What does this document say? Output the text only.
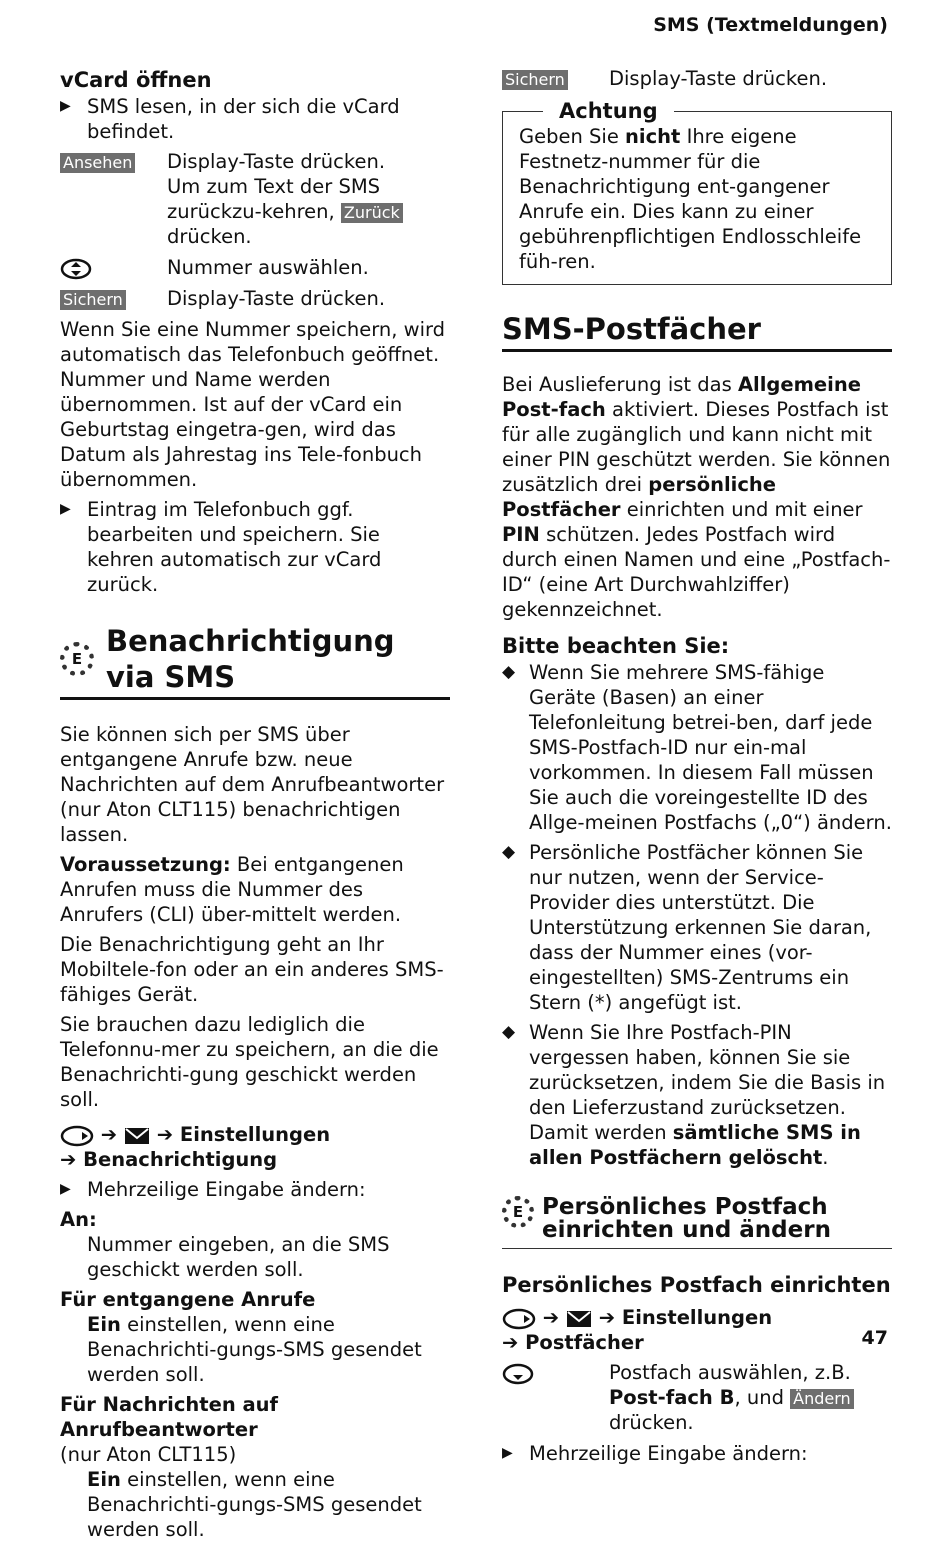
SMS (Textmeldungen)
vCard öffnen
▶ SMS lesen, in der sich die vCard befindet.
Ansehen	Display-Taste drücken.
Um zum Text der SMS zurückzu-kehren, Zurück drücken.
Nummer auswählen.
Sichern	Display-Taste drücken.

Wenn Sie eine Nummer speichern, wird automatisch das Telefonbuch geöffnet. Nummer und Name werden übernommen. Ist auf der vCard ein Geburtstag eingetra-gen, wird das Datum als Jahrestag ins Tele-fonbuch übernommen.

▶ Eintrag im Telefonbuch ggf. bearbeiten und speichern. Sie kehren automatisch zur vCard zurück.
E
Benachrichtigung via SMS

Sie können sich per SMS über entgangene Anrufe bzw. neue Nachrichten auf dem Anrufbeantworter (nur Aton CLT115) benachrichtigen lassen.

Voraussetzung: Bei entgangenen Anrufen muss die Nummer des Anrufers (CLI) über-mittelt werden.

Die Benachrichtigung geht an Ihr Mobiltele-fon oder an ein anderes SMS-fähiges Gerät.

Sie brauchen dazu lediglich die Telefonnu-mer zu speichern, an die die Benachrichti-gung geschickt werden soll.

➔  ➔ Einstellungen
➔ Benachrichtigung
▶ Mehrzeilige Eingabe ändern:
An:
Nummer eingeben, an die SMS geschickt werden soll.
Für entgangene Anrufe
Ein einstellen, wenn eine Benachrichti-gungs-SMS gesendet werden soll.
Für Nachrichten auf Anrufbeantworter
(nur Aton CLT115)
Ein einstellen, wenn eine Benachrichti-gungs-SMS gesendet werden soll.
Sichern	Display-Taste drücken.
Achtung
Geben Sie nicht Ihre eigene Festnetz-nummer für die Benachrichtigung ent-gangener Anrufe ein. Dies kann zu einer gebührenpflichtigen Endlosschleife füh-ren.
SMS-Postfächer

Bei Auslieferung ist das Allgemeine Post-fach aktiviert. Dieses Postfach ist für alle zugänglich und kann nicht mit einer PIN geschützt werden. Sie können zusätzlich drei persönliche Postfächer einrichten und mit einer PIN schützen. Jedes Postfach wird durch einen Namen und eine „Postfach-ID“ (eine Art Durchwahlziffer) gekennzeichnet.

Bitte beachten Sie:
◆ Wenn Sie mehrere SMS-fähige Geräte (Basen) an einer Telefonleitung betrei-ben, darf jede SMS-Postfach-ID nur ein-mal vorkommen. In diesem Fall müssen Sie auch die voreingestellte ID des Allge-meinen Postfachs („0“) ändern.
◆ Persönliche Postfächer können Sie nur nutzen, wenn der Service-Provider dies unterstützt. Die Unterstützung erkennen Sie daran, dass der Nummer eines (vor-eingestellten) SMS-Zentrums ein Stern (*) angefügt ist.
◆ Wenn Sie Ihre Postfach-PIN vergessen haben, können Sie sie zurücksetzen, indem Sie die Basis in den Lieferzustand zurücksetzen. Damit werden sämtliche SMS in allen Postfächern gelöscht.
E Persönliches Postfach einrichten und ändern
Persönliches Postfach einrichten
➔  ➔ Einstellungen
➔ Postfächer
Postfach auswählen, z.B. Post-fach B, und Ändern drücken.
▶ Mehrzeilige Eingabe ändern:
47
